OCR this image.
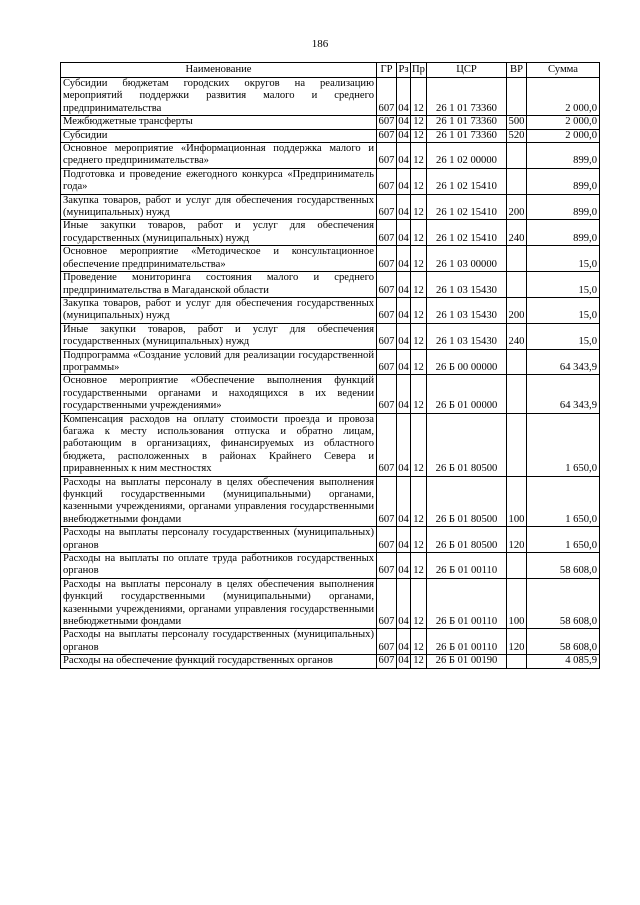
186
Наименование	ГР	Рз	Пр	ЦСР	ВР	Сумма
Субсидии бюджетам городских округов на реализацию мероприятий поддержки развития малого и среднего предпринимательства	607	04	12	26 1 01 73360		2 000,0
Межбюджетные трансферты	607	04	12	26 1 01 73360	500	2 000,0
Субсидии	607	04	12	26 1 01 73360	520	2 000,0
Основное мероприятие «Информационная поддержка малого и среднего предпринимательства»	607	04	12	26 1 02 00000		899,0
Подготовка и проведение ежегодного конкурса «Предприниматель года»	607	04	12	26 1 02 15410		899,0
Закупка товаров, работ и услуг для обеспечения государственных (муниципальных) нужд	607	04	12	26 1 02 15410	200	899,0
Иные закупки товаров, работ и услуг для обеспечения государственных (муниципальных) нужд	607	04	12	26 1 02 15410	240	899,0
Основное мероприятие «Методическое и консультационное обеспечение предпринимательства»	607	04	12	26 1 03 00000		15,0
Проведение мониторинга состояния малого и среднего предпринимательства в Магаданской области	607	04	12	26 1 03 15430		15,0
Закупка товаров, работ и услуг для обеспечения государственных (муниципальных) нужд	607	04	12	26 1 03 15430	200	15,0
Иные закупки товаров, работ и услуг для обеспечения государственных (муниципальных) нужд	607	04	12	26 1 03 15430	240	15,0
Подпрограмма «Создание условий для реализации государственной программы»	607	04	12	26 Б 00 00000		64 343,9
Основное мероприятие «Обеспечение выполнения функций государственными органами и находящихся в их ведении государственными учреждениями»	607	04	12	26 Б 01 00000		64 343,9
Компенсация расходов на оплату стоимости проезда и провоза багажа к месту использования отпуска и обратно лицам, работающим в организациях, финансируемых из областного бюджета, расположенных в районах Крайнего Севера и приравненных к ним местностях	607	04	12	26 Б 01 80500		1 650,0
Расходы на выплаты персоналу в целях обеспечения выполнения функций государственными (муниципальными) органами, казенными учреждениями, органами управления государственными внебюджетными фондами	607	04	12	26 Б 01 80500	100	1 650,0
Расходы на выплаты персоналу государственных (муниципальных) органов	607	04	12	26 Б 01 80500	120	1 650,0
Расходы на выплаты по оплате труда работников государственных органов	607	04	12	26 Б 01 00110		58 608,0
Расходы на выплаты персоналу в целях обеспечения выполнения функций государственными (муниципальными) органами, казенными учреждениями, органами управления государственными внебюджетными фондами	607	04	12	26 Б 01 00110	100	58 608,0
Расходы на выплаты персоналу государственных (муниципальных) органов	607	04	12	26 Б 01 00110	120	58 608,0
Расходы на обеспечение функций государственных органов	607	04	12	26 Б 01 00190		4 085,9
